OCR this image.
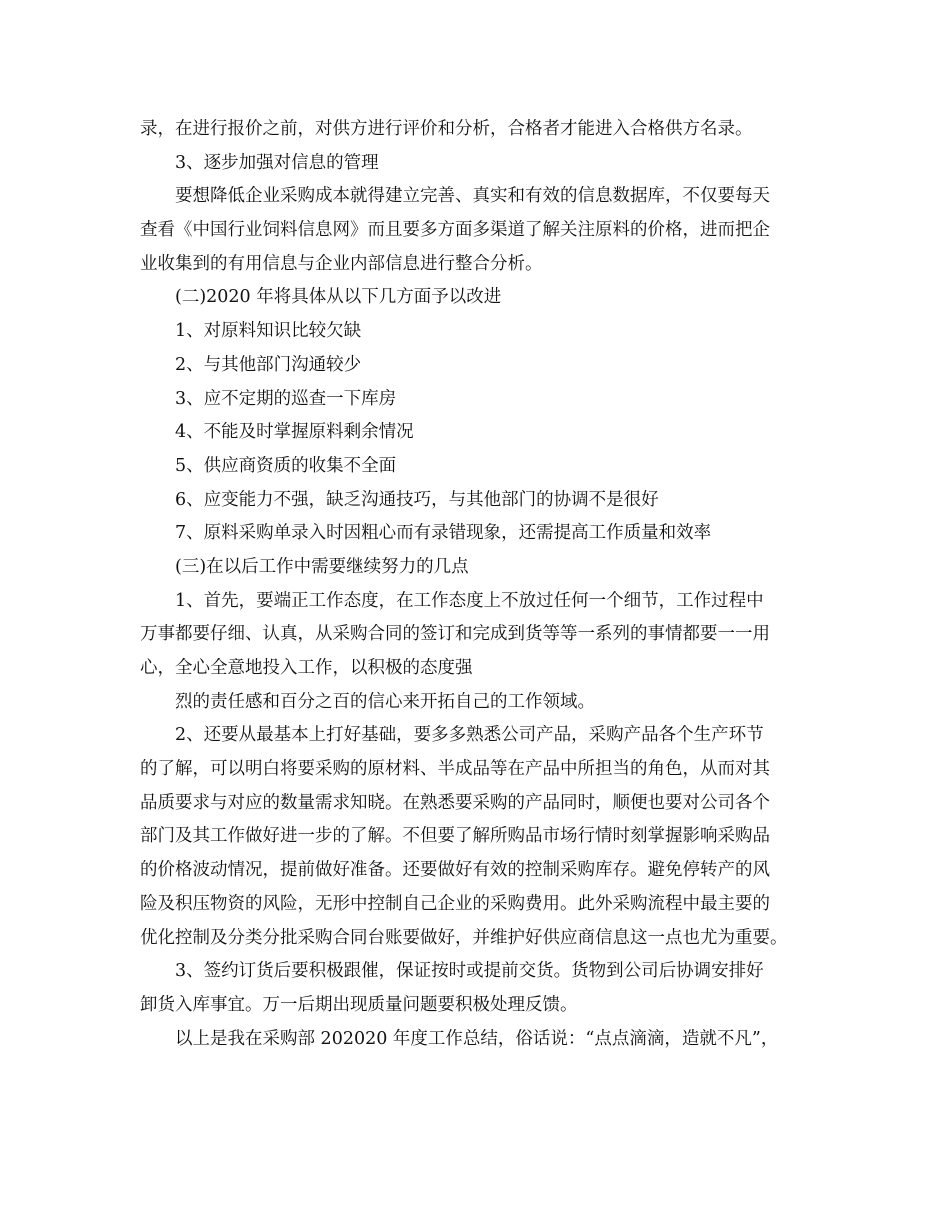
录，在进行报价之前，对供方进行评价和分析，合格者才能进入合格供方名录。
3、逐步加强对信息的管理
要想降低企业采购成本就得建立完善、真实和有效的信息数据库，不仅要每天
查看《中国行业饲料信息网》而且要多方面多渠道了解关注原料的价格，进而把企
业收集到的有用信息与企业内部信息进行整合分析。
(二)2020 年将具体从以下几方面予以改进
1、对原料知识比较欠缺
2、与其他部门沟通较少
3、应不定期的巡查一下库房
4、不能及时掌握原料剩余情况
5、供应商资质的收集不全面
6、应变能力不强，缺乏沟通技巧，与其他部门的协调不是很好
7、原料采购单录入时因粗心而有录错现象，还需提高工作质量和效率
(三)在以后工作中需要继续努力的几点
1、首先，要端正工作态度，在工作态度上不放过任何一个细节，工作过程中
万事都要仔细、认真，从采购合同的签订和完成到货等等一系列的事情都要一一用
心，全心全意地投入工作，以积极的态度强
烈的责任感和百分之百的信心来开拓自己的工作领域。
2、还要从最基本上打好基础，要多多熟悉公司产品，采购产品各个生产环节
的了解，可以明白将要采购的原材料、半成品等在产品中所担当的角色，从而对其
品质要求与对应的数量需求知晓。在熟悉要采购的产品同时，顺便也要对公司各个
部门及其工作做好进一步的了解。不但要了解所购品市场行情时刻掌握影响采购品
的价格波动情况，提前做好准备。还要做好有效的控制采购库存。避免停转产的风
险及积压物资的风险，无形中控制自己企业的采购费用。此外采购流程中最主要的
优化控制及分类分批采购合同台账要做好，并维护好供应商信息这一点也尤为重要。
3、签约订货后要积极跟催，保证按时或提前交货。货物到公司后协调安排好
卸货入库事宜。万一后期出现质量问题要积极处理反馈。
以上是我在采购部 202020 年度工作总结，俗话说：“点点滴滴，造就不凡”，
